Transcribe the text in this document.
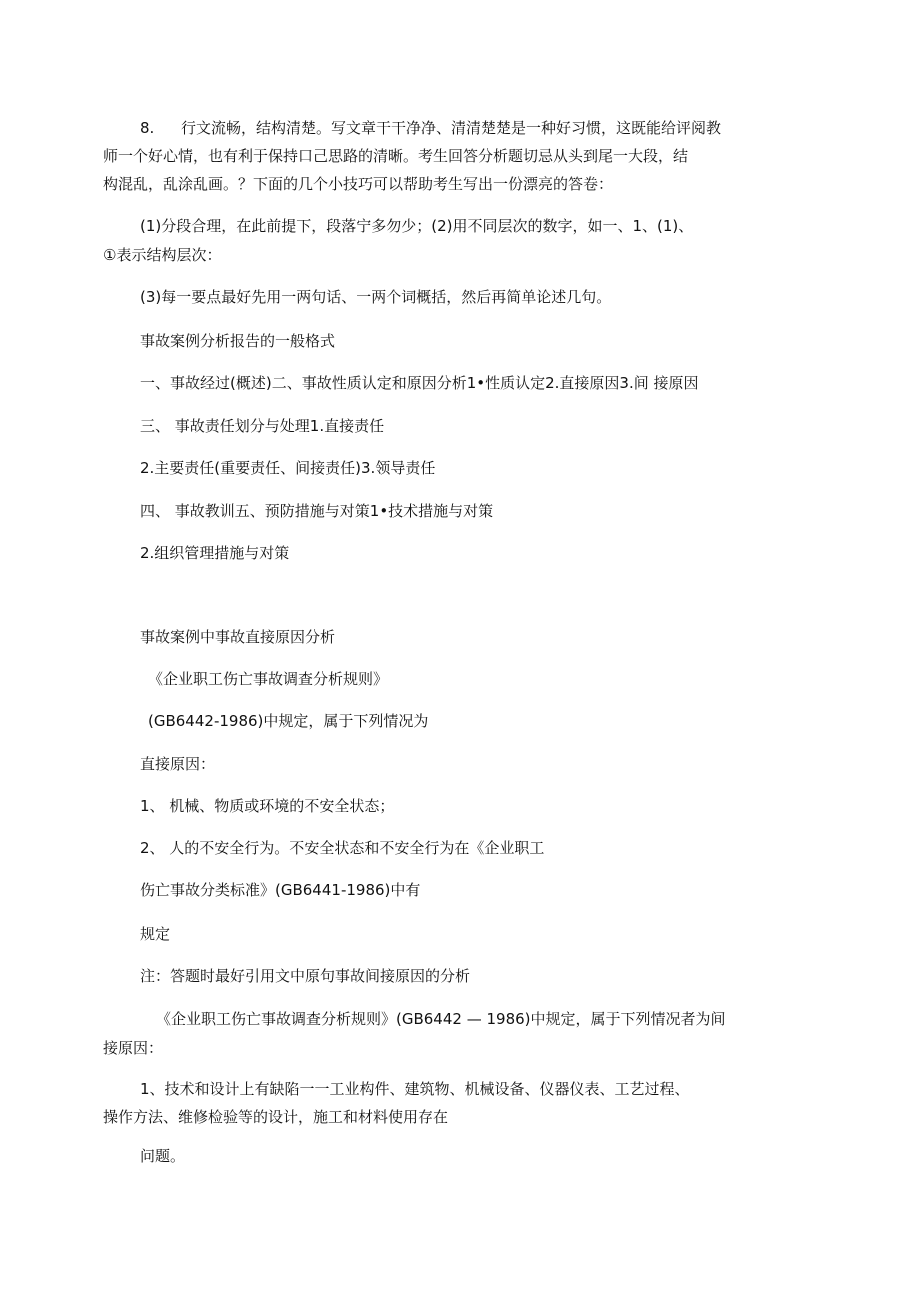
8. 行文流畅，结构清楚。写文章干干净净、清清楚楚是一种好习惯，这既能给评阅教
师一个好心情，也有利于保持口己思路的清晰。考生回答分析题切忌从头到尾一大段，结
构混乱，乱涂乱画。？下面的几个小技巧可以帮助考生写出一份漂亮的答卷：
(1)分段合理，在此前提下，段落宁多勿少；(2)用不同层次的数字，如一、1、(1)、
①表示结构层次：
(3)每一要点最好先用一两句话、一两个词概括，然后再简单论述几句。
事故案例分析报告的一般格式
一、事故经过(概述)二、事故性质认定和原因分析1•性质认定2.直接原因3.间 接原因
三、 事故责任划分与处理1.直接责任
2.主要责任(重要责任、间接责任)3.领导责任
四、 事故教训五、预防措施与对策1•技术措施与对策
2.组织管理措施与对策
事故案例中事故直接原因分析
《企业职工伤亡事故调查分析规则》
(GB6442-1986)中规定，属于下列情况为
直接原因：
1、 机械、物质或环境的不安全状态；
2、 人的不安全行为。不安全状态和不安全行为在《企业职工
伤亡事故分类标准》(GB6441-1986)中有
规定
注：答题时最好引用文中原句事故间接原因的分析
《企业职工伤亡事故调查分析规则》(GB6442 — 1986)中规定，属于下列情况者为间
接原因：
1、技术和设计上有缺陷一一工业构件、建筑物、机械设备、仪器仪表、工艺过程、
操作方法、维修检验等的设计，施工和材料使用存在
问题。
